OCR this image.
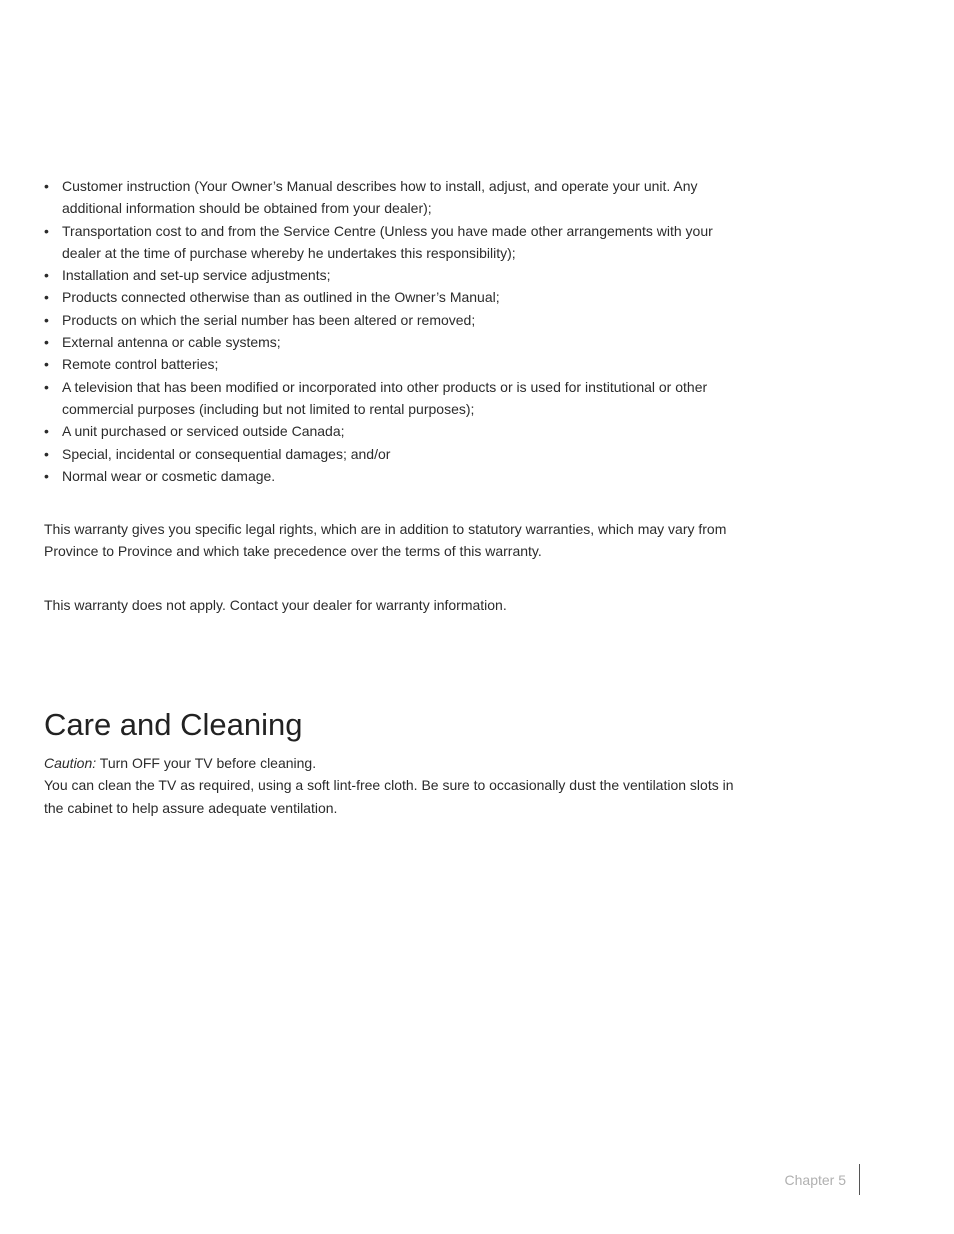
• Customer instruction (Your Owner’s Manual describes how to install, adjust, and operate your unit. Any additional information should be obtained from your dealer);
• Transportation cost to and from the Service Centre (Unless you have made other arrangements with your dealer at the time of purchase whereby he undertakes this responsibility);
• Installation and set-up service adjustments;
• Products connected otherwise than as outlined in the Owner’s Manual;
• Products on which the serial number has been altered or removed;
• External antenna or cable systems;
• Remote control batteries;
• A television that has been modified or incorporated into other products or is used for institutional or other commercial purposes (including but not limited to rental purposes);
• A unit purchased or serviced outside Canada;
• Special, incidental or consequential damages; and/or
• Normal wear or cosmetic damage.

This warranty gives you specific legal rights, which are in addition to statutory warranties, which may vary from Province to Province and which take precedence over the terms of this warranty.

This warranty does not apply. Contact your dealer for warranty information.

Care and Cleaning

Caution: Turn OFF your TV before cleaning.

You can clean the TV as required, using a soft lint-free cloth. Be sure to occasionally dust the ventilation slots in the cabinet to help assure adequate ventilation.

Chapter 5
